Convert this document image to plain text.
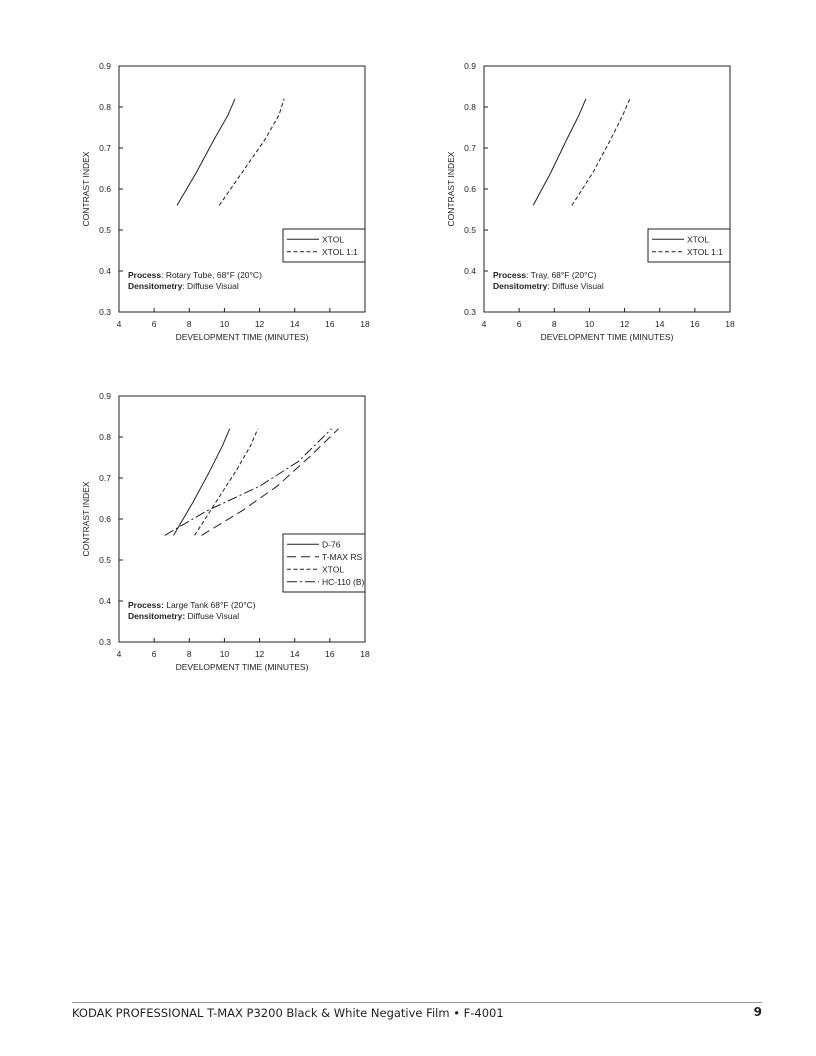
4	6	8	10	12	14	16	18
0.3
0.4
0.5
0.6
0.7
0.8
0.9
DEVELOPMENT TIME (MINUTES)
CONTRAST INDEX
XTOL
XTOL 1:1
Process: Rotary Tube, 68°F (20°C)
Densitometry: Diffuse Visual
4	6	8	10	12	14	16	18
0.3
0.4
0.5
0.6
0.7
0.8
0.9
DEVELOPMENT TIME (MINUTES)
CONTRAST INDEX
XTOL
XTOL 1:1
Process: Tray, 68°F (20°C)
Densitometry: Diffuse Visual
4	6	8	10	12	14	16	18
0.3
0.4
0.5
0.6
0.7
0.8
0.9
DEVELOPMENT TIME (MINUTES)
CONTRAST INDEX	D-76
T-MAX RS
XTOL
HC-110 (B)
Process: Large Tank 68°F (20°C)
Densitometry: Diffuse Visual
KODAK PROFESSIONAL T-MAX P3200 Black & White Negative Film • F-4001	9
